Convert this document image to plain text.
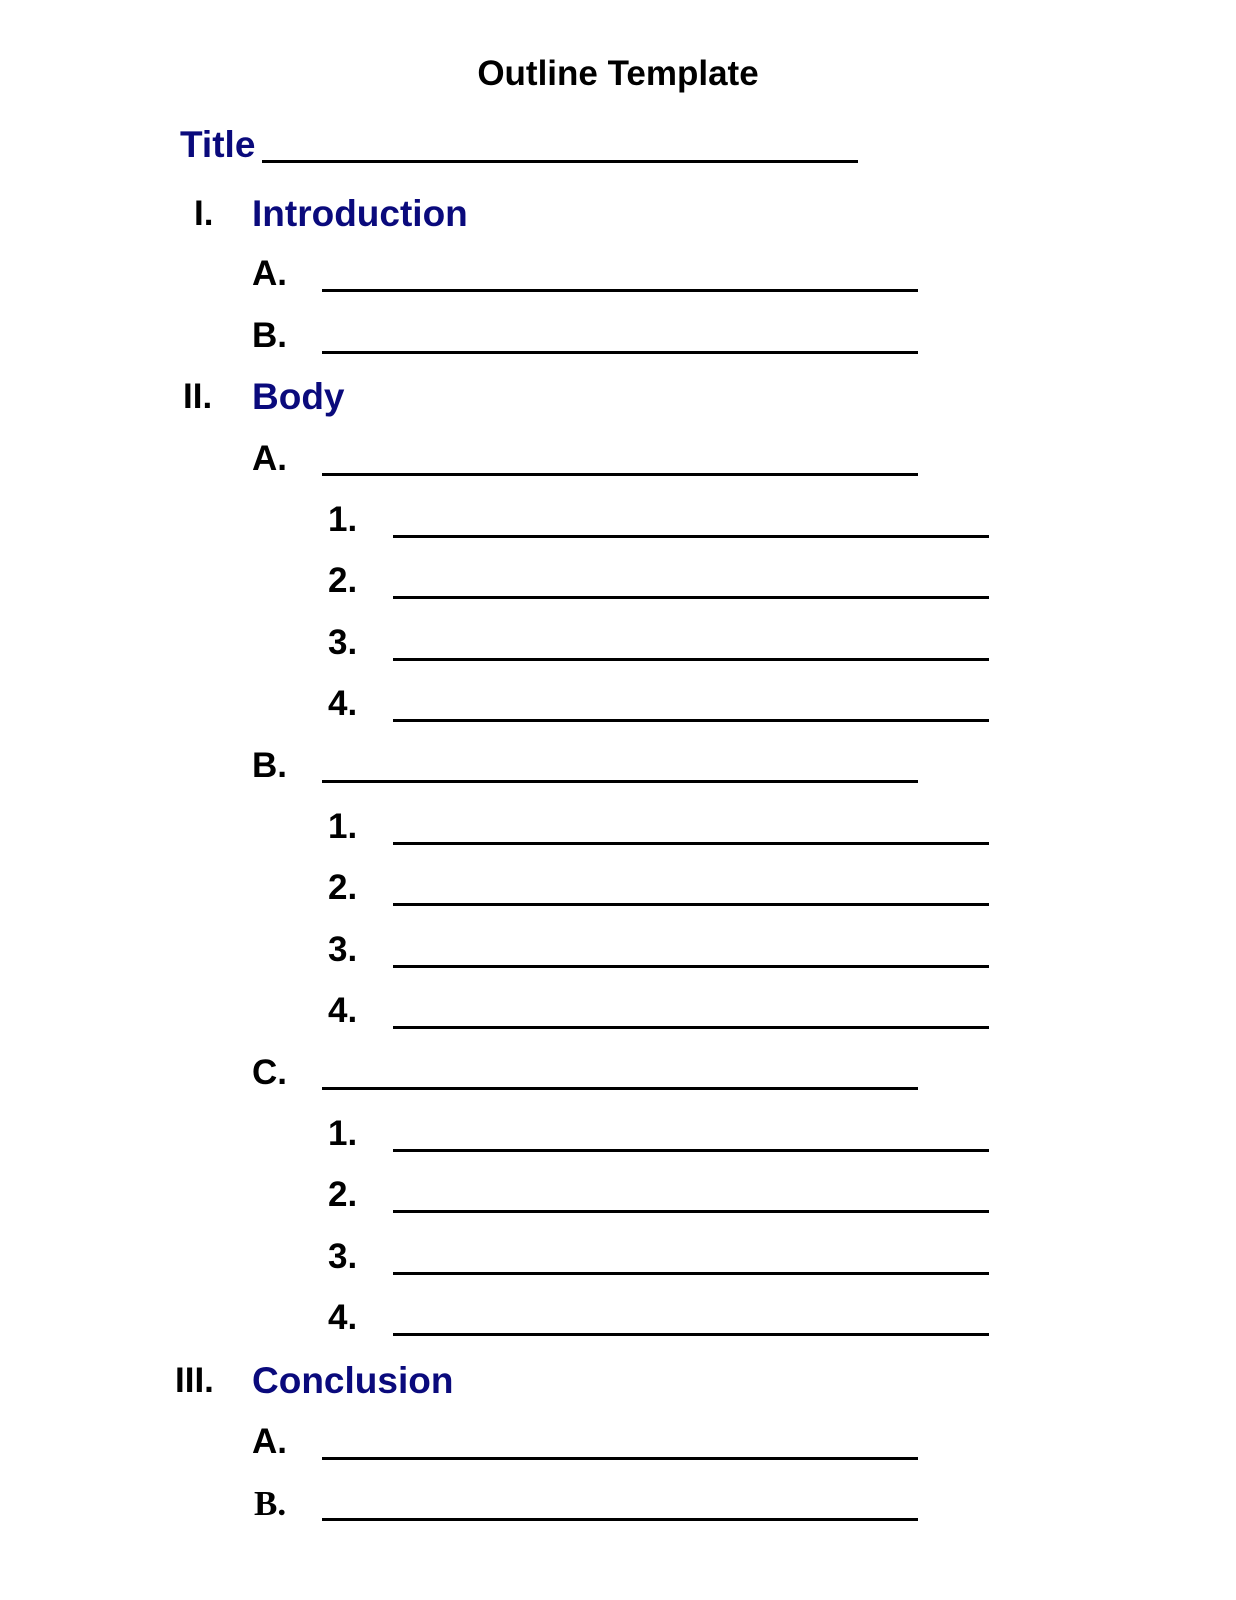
Outline Template
Title
I. Introduction
A.
B.
II. Body
A.
1.
2.
3.
4.
B.
1.
2.
3.
4.
C.
1.
2.
3.
4.
III. Conclusion
A.
B.
